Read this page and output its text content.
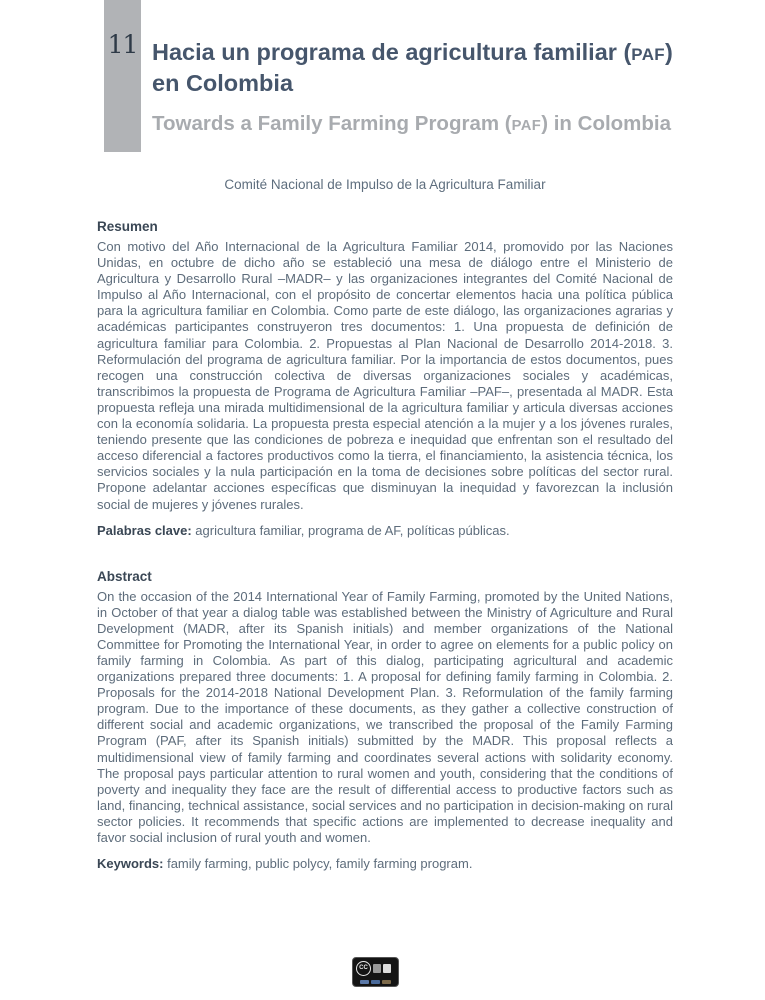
11 Hacia un programa de agricultura familiar (PAF)  en Colombia
Towards a Family Farming Program (PAF) in Colombia
Comité Nacional de Impulso de la Agricultura Familiar
Resumen

Con motivo del Año Internacional de la Agricultura Familiar 2014, promovido por las Naciones Unidas, en octubre de dicho año se estableció una mesa de diálogo entre el Ministerio de Agricultura y Desarrollo Rural –MADR– y las organizaciones integrantes del Comité Nacional de Impulso al Año Internacional, con el propósito de concertar elementos hacia una política pública para la agricultura familiar en Colombia. Como parte de este diálogo, las organizaciones agrarias y académicas participantes construyeron tres documentos: 1. Una propuesta de definición de agricultura familiar para Colombia. 2. Propuestas al Plan Nacional de Desarrollo 2014-2018. 3. Reformulación del programa de agricultura familiar. Por la importancia de estos documentos, pues recogen una construcción colectiva de diversas organizaciones sociales y académicas, transcribimos la propuesta de Programa de Agricultura Familiar –PAF–, presentada al MADR. Esta propuesta refleja una mirada multidimensional de la agricultura familiar y articula diversas acciones con la economía solidaria. La propuesta presta especial atención a la mujer y a los jóvenes rurales, teniendo presente que las condiciones de pobreza e inequidad que enfrentan son el resultado del acceso diferencial a factores productivos como la tierra, el financiamiento, la asistencia técnica, los servicios sociales y la nula participación en la toma de decisiones sobre políticas del sector rural. Propone adelantar acciones específicas que disminuyan la inequidad y favorezcan la inclusión social de mujeres y jóvenes rurales.

Palabras clave: agricultura familiar, programa de AF, políticas públicas.

Abstract

On the occasion of the 2014 International Year of Family Farming, promoted by the United Nations, in October of that year a dialog table was established between the Ministry of Agriculture and Rural Development (MADR, after its Spanish initials) and member organizations of the National Committee for Promoting the International Year, in order to agree on elements for a public policy on family farming in Colombia. As part of this dialog, participating agricultural and academic organizations prepared three documents: 1. A proposal for defining family farming in Colombia. 2. Proposals for the 2014-2018 National Development Plan. 3. Reformulation of the family farming program. Due to the importance of these documents, as they gather a collective construction of different social and academic organizations, we transcribed the proposal of the Family Farming Program (PAF, after its Spanish initials) submitted by the MADR. This proposal reflects a multidimensional view of family farming and coordinates several actions with solidarity economy. The proposal pays particular attention to rural women and youth, considering that the conditions of poverty and inequality they face are the result of differential access to productive factors such as land, financing, technical assistance, social services and no participation in decision-making on rural sector policies. It recommends that specific actions are implemented to decrease inequality and favor social inclusion of rural youth and women.

Keywords: family farming, public polycy, family farming program.

CC
